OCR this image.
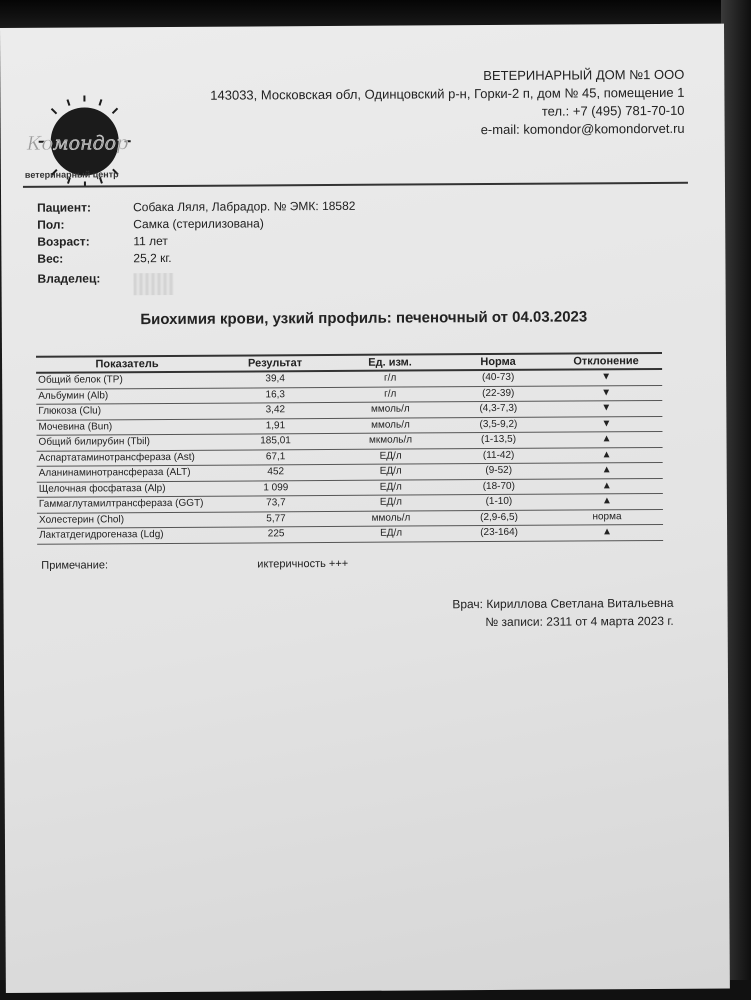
Комондор
ветеринарный центр
ВЕТЕРИНАРНЫЙ ДОМ №1 ООО
143033, Московская обл, Одинцовский р-н, Горки-2 п, дом № 45, помещение 1
тел.: +7 (495) 781-70-10
e-mail: komondor@komondorvet.ru
Пациент:	Собака Ляля, Лабрадор. № ЭМК: 18582
Пол:	Самка (стерилизована)
Возраст:	11 лет
Вес:	25,2 кг.
Владелец:
Биохимия крови, узкий профиль: печеночный от 04.03.2023
Показатель	Результат	Ед. изм.	Норма	Отклонение
Общий белок (TP)	39,4	г/л	(40-73)	▼
Альбумин (Alb)	16,3	г/л	(22-39)	▼
Глюкоза (Clu)	3,42	ммоль/л	(4,3-7,3)	▼
Мочевина (Bun)	1,91	ммоль/л	(3,5-9,2)	▼
Общий билирубин (Tbil)	185,01	мкмоль/л	(1-13,5)	▲
Аспартатаминотрансфераза (Ast)	67,1	ЕД/л	(11-42)	▲
Аланинаминотрансфераза (ALT)	452	ЕД/л	(9-52)	▲
Щелочная фосфатаза (Alp)	1 099	ЕД/л	(18-70)	▲
Гаммаглутамилтрансфераза (GGT)	73,7	ЕД/л	(1-10)	▲
Холестерин (Chol)	5,77	ммоль/л	(2,9-6,5)	норма
Лактатдегидрогеназа (Ldg)	225	ЕД/л	(23-164)	▲
Примечание:	иктеричность +++
Врач: Кириллова Светлана Витальевна
№ записи: 2311 от 4 марта 2023 г.
